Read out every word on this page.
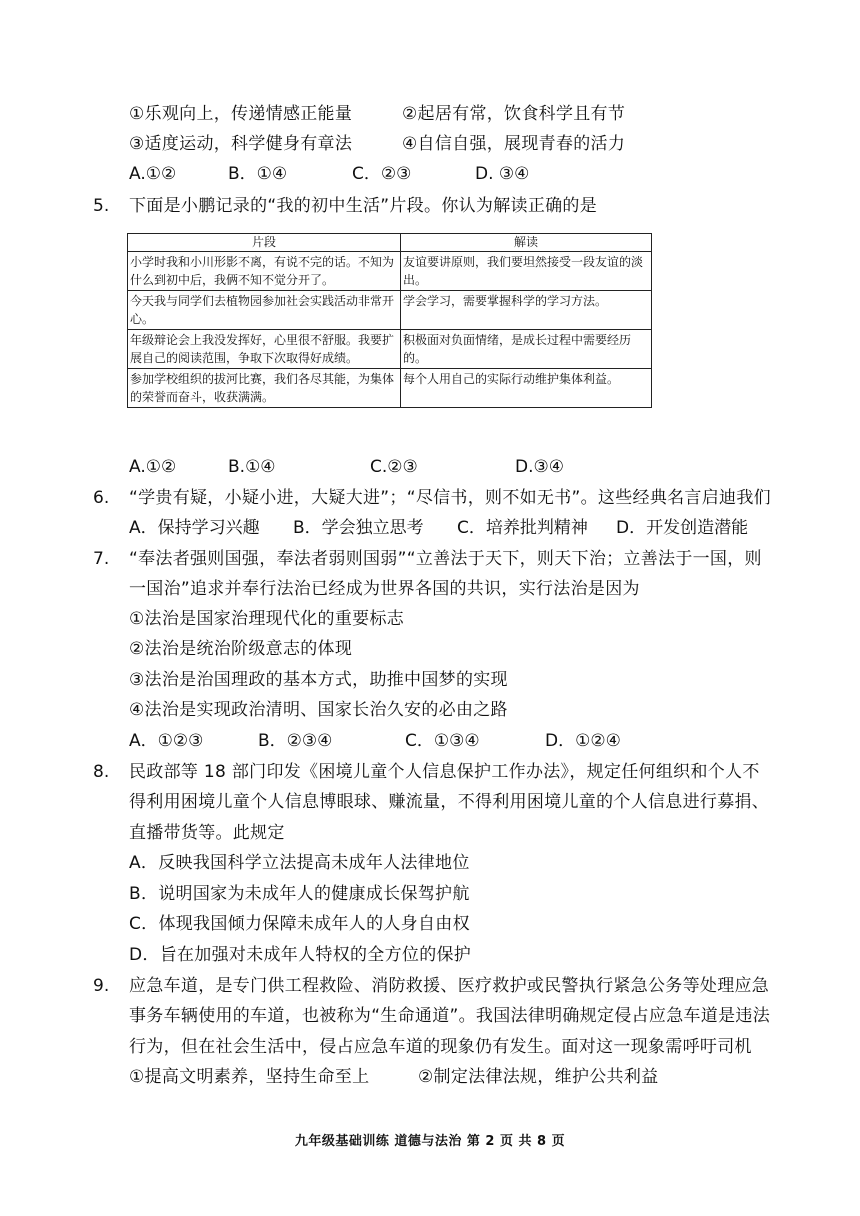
①乐观向上，传递情感正能量	②起居有常，饮食科学且有节
③适度运动，科学健身有章法	④自信自强，展现青春的活力
A.①②	B．①④	C．②③	D. ③④
5. 下面是小鹏记录的“我的初中生活”片段。你认为解读正确的是
片段	解读
小学时我和小川形影不离，有说不完的话。不知为什么到初中后，我俩不知不觉分开了。	友谊要讲原则，我们要坦然接受一段友谊的淡出。
今天我与同学们去植物园参加社会实践活动非常开心。	学会学习，需要掌握科学的学习方法。
年级辩论会上我没发挥好，心里很不舒服。我要扩展自己的阅读范围，争取下次取得好成绩。	积极面对负面情绪，是成长过程中需要经历的。
参加学校组织的拔河比赛，我们各尽其能，为集体的荣誉而奋斗，收获满满。	每个人用自己的实际行动维护集体利益。
A.①②	B.①④	C.②③	D.③④
6. “学贵有疑，小疑小进，大疑大进”；“尽信书，则不如无书”。这些经典名言启迪我们
A．保持学习兴趣 B．学会独立思考 C．培养批判精神 D．开发创造潜能
7. “奉法者强则国强，奉法者弱则国弱”“立善法于天下，则天下治；立善法于一国，则
一国治”追求并奉行法治已经成为世界各国的共识，实行法治是因为
①法治是国家治理现代化的重要标志
②法治是统治阶级意志的体现
③法治是治国理政的基本方式，助推中国梦的实现
④法治是实现政治清明、国家长治久安的必由之路
A．①②③	B．②③④	C．①③④	D．①②④
8. 民政部等 18 部门印发《困境儿童个人信息保护工作办法》，规定任何组织和个人不
得利用困境儿童个人信息博眼球、赚流量，不得利用困境儿童的个人信息进行募捐、
直播带货等。此规定
A．反映我国科学立法提高未成年人法律地位
B．说明国家为未成年人的健康成长保驾护航
C．体现我国倾力保障未成年人的人身自由权
D．旨在加强对未成年人特权的全方位的保护
9. 应急车道，是专门供工程救险、消防救援、医疗救护或民警执行紧急公务等处理应急
事务车辆使用的车道，也被称为“生命通道”。我国法律明确规定侵占应急车道是违法
行为，但在社会生活中，侵占应急车道的现象仍有发生。面对这一现象需呼吁司机
①提高文明素养，坚持生命至上	②制定法律法规，维护公共利益
九年级基础训练 道德与法治 第 2 页 共 8 页
